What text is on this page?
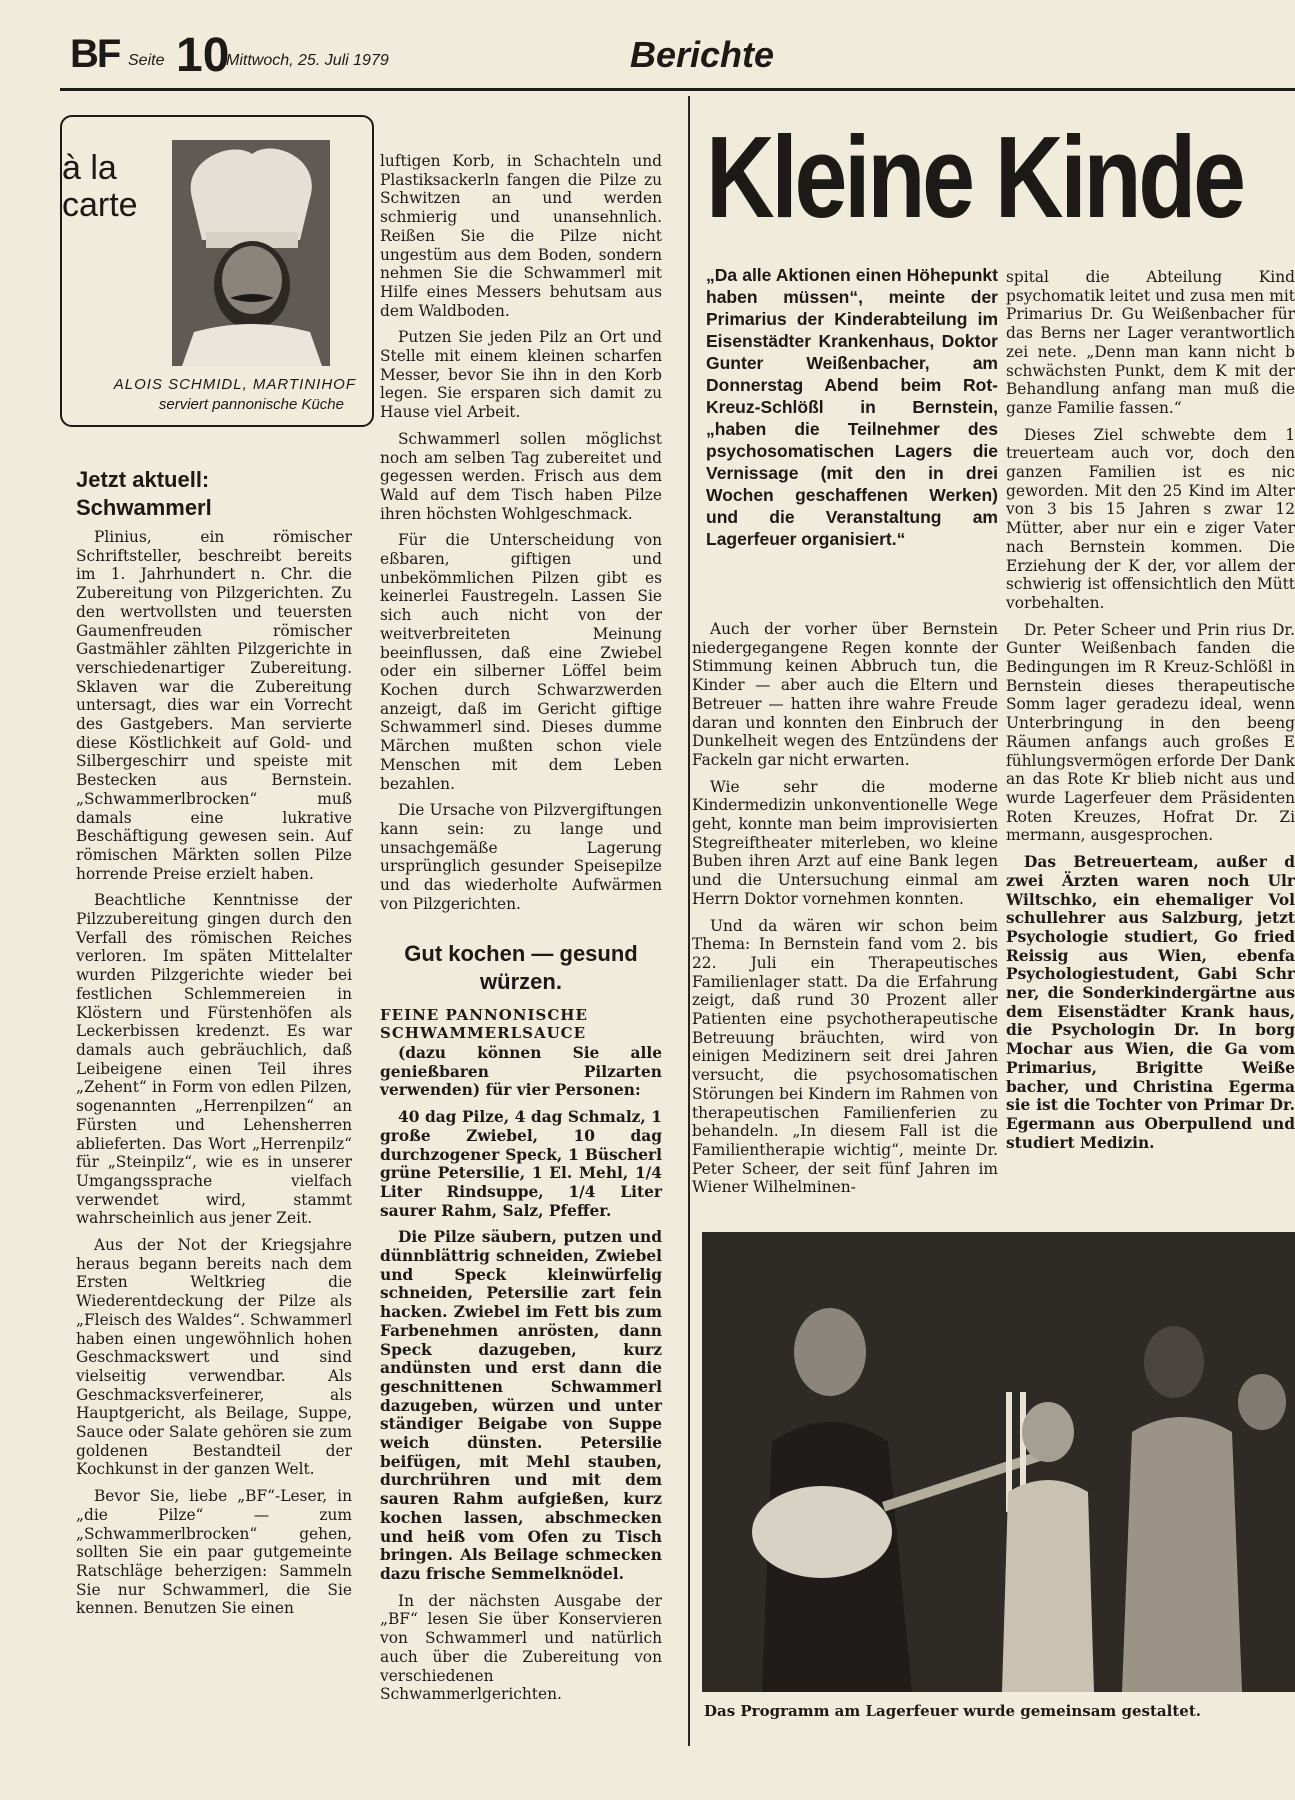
BF Seite 10
Mittwoch, 25. Juli 1979	Berichte
à la
carte
ALOIS SCHMIDL, MARTINIHOF
serviert pannonische Küche
Jetzt aktuell:
Schwammerl

Plinius, ein römischer Schriftsteller, beschreibt bereits im 1. Jahrhundert n. Chr. die Zubereitung von Pilzgerichten. Zu den wertvollsten und teuersten Gaumenfreuden römischer Gastmähler zählten Pilzgerichte in verschiedenartiger Zubereitung. Sklaven war die Zubereitung untersagt, dies war ein Vorrecht des Gastgebers. Man servierte diese Köstlichkeit auf Gold- und Silbergeschirr und speiste mit Bestecken aus Bernstein. „Schwammerlbrocken“ muß damals eine lukrative Beschäftigung gewesen sein. Auf römischen Märkten sollen Pilze horrende Preise erzielt haben.

Beachtliche Kenntnisse der Pilzzubereitung gingen durch den Verfall des römischen Reiches verloren. Im späten Mittelalter wurden Pilzgerichte wieder bei festlichen Schlemmereien in Klöstern und Fürstenhöfen als Leckerbissen kredenzt. Es war damals auch gebräuchlich, daß Leibeigene einen Teil ihres „Zehent“ in Form von edlen Pilzen, sogenannten „Herrenpilzen“ an Fürsten und Lehensherren ablieferten. Das Wort „Herrenpilz“ für „Steinpilz“, wie es in unserer Umgangssprache vielfach verwendet wird, stammt wahrscheinlich aus jener Zeit.

Aus der Not der Kriegsjahre heraus begann bereits nach dem Ersten Weltkrieg die Wiederentdeckung der Pilze als „Fleisch des Waldes“. Schwammerl haben einen ungewöhnlich hohen Geschmackswert und sind vielseitig verwendbar. Als Geschmacksverfeinerer, als Hauptgericht, als Beilage, Suppe, Sauce oder Salate gehören sie zum goldenen Bestandteil der Kochkunst in der ganzen Welt.

Bevor Sie, liebe „BF“-Leser, in „die Pilze“ — zum „Schwammerlbrocken“ gehen, sollten Sie ein paar gutgemeinte Ratschläge beherzigen: Sammeln Sie nur Schwammerl, die Sie kennen. Benutzen Sie einen

luftigen Korb, in Schachteln und Plastiksackerln fangen die Pilze zu Schwitzen an und werden schmierig und unansehnlich. Reißen Sie die Pilze nicht ungestüm aus dem Boden, sondern nehmen Sie die Schwammerl mit Hilfe eines Messers behutsam aus dem Waldboden.

Putzen Sie jeden Pilz an Ort und Stelle mit einem kleinen scharfen Messer, bevor Sie ihn in den Korb legen. Sie ersparen sich damit zu Hause viel Arbeit.

Schwammerl sollen möglichst noch am selben Tag zubereitet und gegessen werden. Frisch aus dem Wald auf dem Tisch haben Pilze ihren höchsten Wohlgeschmack.

Für die Unterscheidung von eßbaren, giftigen und unbekömmlichen Pilzen gibt es keinerlei Faustregeln. Lassen Sie sich auch nicht von der weitverbreiteten Meinung beeinflussen, daß eine Zwiebel oder ein silberner Löffel beim Kochen durch Schwarzwerden anzeigt, daß im Gericht giftige Schwammerl sind. Dieses dumme Märchen mußten schon viele Menschen mit dem Leben bezahlen.

Die Ursache von Pilzvergiftungen kann sein: zu lange und unsachgemäße Lagerung ursprünglich gesunder Speisepilze und das wiederholte Aufwärmen von Pilzgerichten.

Gut kochen — gesund
würzen.
FEINE PANNONISCHE
SCHWAMMERLSAUCE

(dazu können Sie alle genießbaren Pilzarten verwenden) für vier Personen:

40 dag Pilze, 4 dag Schmalz, 1 große Zwiebel, 10 dag durchzogener Speck, 1 Büscherl grüne Petersilie, 1 El. Mehl, 1/4 Liter Rindsuppe, 1/4 Liter saurer Rahm, Salz, Pfeffer.

Die Pilze säubern, putzen und dünnblättrig schneiden, Zwiebel und Speck kleinwürfelig schneiden, Petersilie zart fein hacken. Zwiebel im Fett bis zum Farbenehmen anrösten, dann Speck dazugeben, kurz andünsten und erst dann die geschnittenen Schwammerl dazugeben, würzen und unter ständiger Beigabe von Suppe weich dünsten. Petersilie beifügen, mit Mehl stauben, durchrühren und mit dem sauren Rahm aufgießen, kurz kochen lassen, abschmecken und heiß vom Ofen zu Tisch bringen. Als Beilage schmecken dazu frische Semmelknödel.

In der nächsten Ausgabe der „BF“ lesen Sie über Konservieren von Schwammerl und natürlich auch über die Zubereitung von verschiedenen Schwammerlgerichten.

Kleine Kinde
„Da alle Aktionen einen Höhepunkt haben müssen“, meinte der Primarius der Kinderabteilung im Eisenstädter Krankenhaus, Doktor Gunter Weißenbacher, am Donnerstag Abend beim Rot-Kreuz-Schlößl in Bernstein, „haben die Teilnehmer des psychosomatischen Lagers die Vernissage (mit den in drei Wochen geschaffenen Werken) und die Veranstaltung am Lagerfeuer organisiert.“

Auch der vorher über Bernstein niedergegangene Regen konnte der Stimmung keinen Abbruch tun, die Kinder — aber auch die Eltern und Betreuer — hatten ihre wahre Freude daran und konnten den Einbruch der Dunkelheit wegen des Entzündens der Fackeln gar nicht erwarten.

Wie sehr die moderne Kindermedizin unkonventionelle Wege geht, konnte man beim improvisierten Stegreiftheater miterleben, wo kleine Buben ihren Arzt auf eine Bank legen und die Untersuchung einmal am Herrn Doktor vornehmen konnten.

Und da wären wir schon beim Thema: In Bernstein fand vom 2. bis 22. Juli ein Therapeutisches Familienlager statt. Da die Erfahrung zeigt, daß rund 30 Prozent aller Patienten eine psychotherapeutische Betreuung bräuchten, wird von einigen Medizinern seit drei Jahren versucht, die psychosomatischen Störungen bei Kindern im Rahmen von therapeutischen Familienferien zu behandeln. „In diesem Fall ist die Familientherapie wichtig“, meinte Dr. Peter Scheer, der seit fünf Jahren im Wiener Wilhelminen-

spital die Abteilung Kind psychomatik leitet und zusa men mit Primarius Dr. Gu Weißenbacher für das Berns ner Lager verantwortlich zei nete. „Denn man kann nicht b schwächsten Punkt, dem K mit der Behandlung anfang man muß die ganze Familie fassen.“

Dieses Ziel schwebte dem 1 treuerteam auch vor, doch den ganzen Familien ist es nic geworden. Mit den 25 Kind im Alter von 3 bis 15 Jahren s zwar 12 Mütter, aber nur ein e ziger Vater nach Bernstein kommen. Die Erziehung der K der, vor allem der schwierig ist offensichtlich den Mütt vorbehalten.

Dr. Peter Scheer und Prin rius Dr. Gunter Weißenbach fanden die Bedingungen im R Kreuz-Schlößl in Bernstein dieses therapeutische Somm lager geradezu ideal, wenn Unterbringung in den beeng Räumen anfangs auch großes E fühlungsvermögen erforde Der Dank an das Rote Kr blieb nicht aus und wurde Lagerfeuer dem Präsidenten Roten Kreuzes, Hofrat Dr. Zi mermann, ausgesprochen.

Das Betreuerteam, außer d zwei Ärzten waren noch Ulr Wiltschko, ein ehemaliger Vol schullehrer aus Salzburg, jetzt Psychologie studiert, Go fried Reissig aus Wien, ebenfa Psychologiestudent, Gabi Schr ner, die Sonderkindergärtne aus dem Eisenstädter Krank haus, die Psychologin Dr. In borg Mochar aus Wien, die Ga vom Primarius, Brigitte Weiße bacher, und Christina Egerma sie ist die Tochter von Primar Dr. Egermann aus Oberpullend und studiert Medizin.

Das Programm am Lagerfeuer wurde gemeinsam gestaltet.
